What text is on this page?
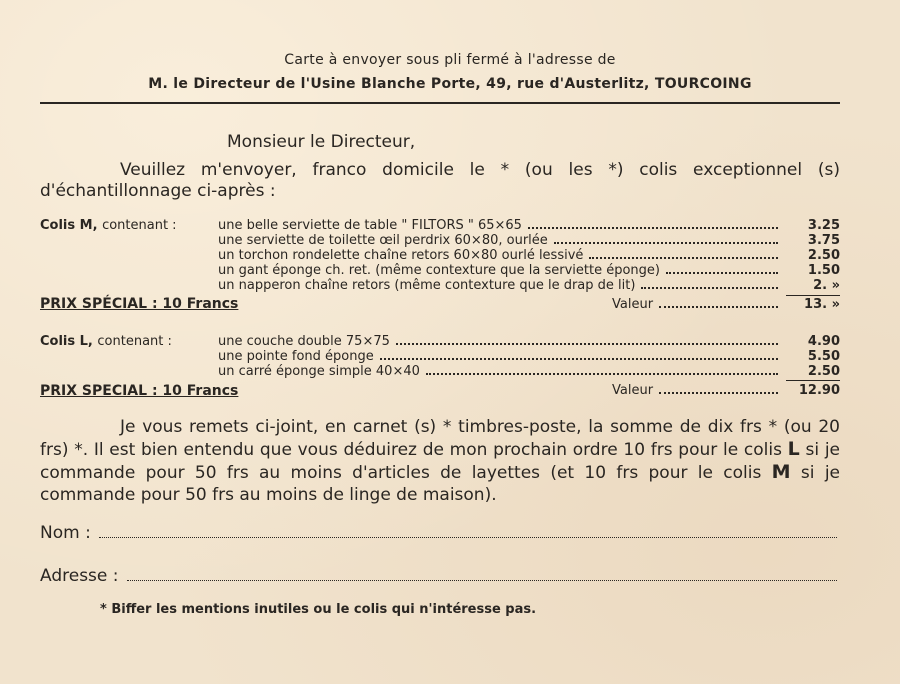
Carte à envoyer sous pli fermé à l'adresse de
M. le Directeur de l'Usine Blanche Porte, 49, rue d'Austerlitz, TOURCOING
Monsieur le Directeur,
Veuillez m'envoyer, franco domicile le * (ou les *) colis exceptionnel (s)
d'échantillonnage ci-après :
Colis M, contenant :	une belle serviette de table " FILTORS " 65×65	3.25
une serviette de toilette œil perdrix 60×80, ourlée	3.75
un torchon rondelette chaîne retors 60×80 ourlé lessivé	2.50
un gant éponge ch. ret. (même contexture que la serviette éponge)	1.50
un napperon chaîne retors (même contexture que le drap de lit)	2. »
PRIX SPÉCIAL : 10 Francs	Valeur	13. »
Colis L, contenant :	une couche double 75×75	4.90
une pointe fond éponge	5.50
un carré éponge simple 40×40	2.50
PRIX SPECIAL : 10 Francs	Valeur	12.90
Je vous remets ci-joint, en carnet (s) * timbres-poste, la somme de dix frs * (ou 20 frs) *. Il est bien entendu que vous déduirez de mon prochain ordre 10 frs pour le colis L si je commande pour 50 frs au moins d'articles de layettes (et 10 frs pour le colis M si je commande pour 50 frs au moins de linge de maison).
Nom :
Adresse :
* Biffer les mentions inutiles ou le colis qui n'intéresse pas.
